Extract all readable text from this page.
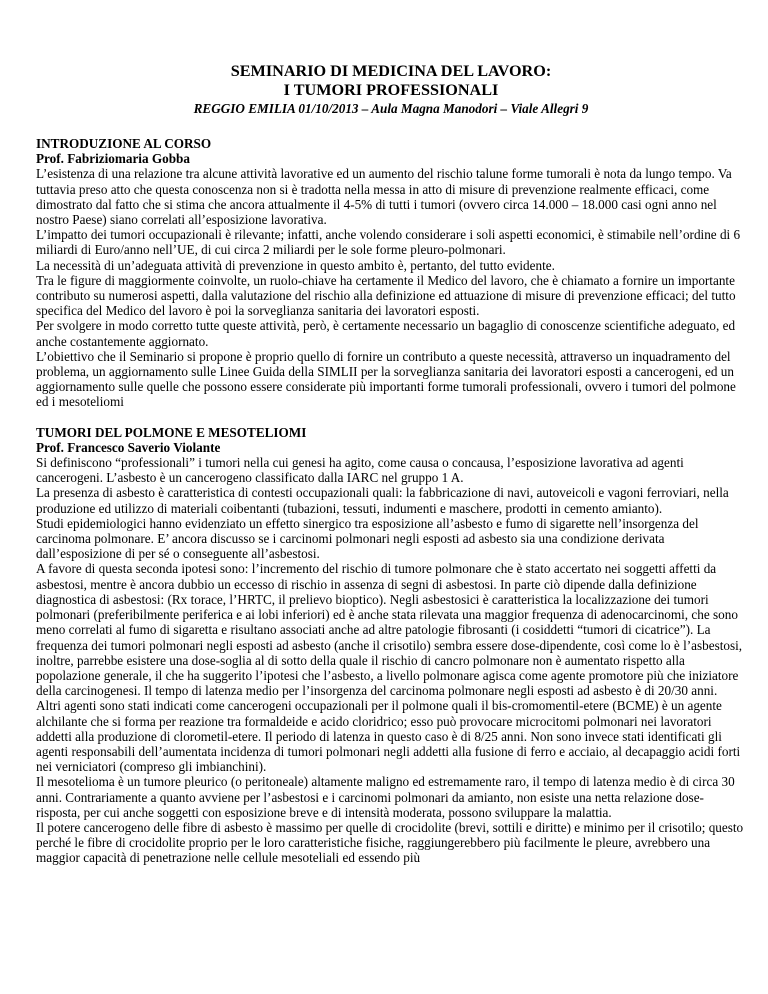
SEMINARIO DI MEDICINA DEL LAVORO:

I TUMORI PROFESSIONALI

REGGIO EMILIA 01/10/2013 – Aula Magna Manodori – Viale Allegri 9

INTRODUZIONE AL CORSO

Prof. Fabriziomaria Gobba

L’esistenza di una relazione tra alcune attività lavorative ed un aumento del rischio talune forme tumorali è nota da lungo tempo. Va tuttavia preso atto che questa conoscenza non si è tradotta nella messa in atto di misure di prevenzione realmente efficaci, come dimostrato dal fatto che si stima che ancora attualmente il 4-5% di tutti i tumori (ovvero circa 14.000 – 18.000 casi ogni anno nel nostro Paese) siano correlati all’esposizione lavorativa.

L’impatto dei tumori occupazionali è rilevante; infatti, anche volendo considerare i soli aspetti economici, è stimabile nell’ordine di 6 miliardi di Euro/anno nell’UE, di cui circa 2 miliardi per le sole forme pleuro-polmonari.

La necessità di un’adeguata attività di prevenzione in questo ambito è, pertanto, del tutto evidente.

Tra le figure di maggiormente coinvolte, un ruolo-chiave ha certamente il Medico del lavoro, che è chiamato a fornire un importante contributo su numerosi aspetti, dalla valutazione del rischio alla definizione ed attuazione di misure di prevenzione efficaci; del tutto specifica del Medico del lavoro è poi la sorveglianza sanitaria dei lavoratori esposti.

Per svolgere in modo corretto tutte queste attività, però, è certamente necessario un bagaglio di conoscenze scientifiche adeguato, ed anche costantemente aggiornato.

L’obiettivo che il Seminario si propone è proprio quello di fornire un contributo a queste necessità, attraverso un inquadramento del problema, un aggiornamento sulle Linee Guida della SIMLII per la sorveglianza sanitaria dei lavoratori esposti a cancerogeni, ed un aggiornamento sulle quelle che possono essere considerate più importanti forme tumorali professionali, ovvero i tumori del polmone ed i mesoteliomi

TUMORI DEL POLMONE E MESOTELIOMI

Prof. Francesco Saverio Violante

Si definiscono “professionali” i tumori nella cui genesi ha agito, come causa o concausa, l’esposizione lavorativa ad agenti cancerogeni. L’asbesto è un cancerogeno classificato dalla IARC nel gruppo 1 A.

La presenza di asbesto è caratteristica di contesti occupazionali quali: la fabbricazione di navi, autoveicoli e vagoni ferroviari, nella produzione ed utilizzo di materiali coibentanti (tubazioni, tessuti, indumenti e maschere, prodotti in cemento amianto).

Studi epidemiologici hanno evidenziato un effetto sinergico tra esposizione all’asbesto e fumo di sigarette nell’insorgenza del carcinoma polmonare. E’ ancora discusso se i carcinomi polmonari negli esposti ad asbesto sia una condizione derivata dall’esposizione di per sé o conseguente all’asbestosi.

A favore di questa seconda ipotesi sono: l’incremento del rischio di tumore polmonare che è stato accertato nei soggetti affetti da asbestosi, mentre è ancora dubbio un eccesso di rischio in assenza di segni di asbestosi. In parte ciò dipende dalla definizione diagnostica di asbestosi: (Rx torace, l’HRTC, il prelievo bioptico). Negli asbestosici è caratteristica la localizzazione dei tumori polmonari (preferibilmente periferica e ai lobi inferiori) ed è anche stata rilevata una maggior frequenza di adenocarcinomi, che sono meno correlati al fumo di sigaretta e risultano associati anche ad altre patologie fibrosanti (i cosiddetti “tumori di cicatrice”). La frequenza dei tumori polmonari negli esposti ad asbesto (anche il crisotilo) sembra essere dose-dipendente, così come lo è l’asbestosi, inoltre, parrebbe esistere una dose-soglia al di sotto della quale il rischio di cancro polmonare non è aumentato rispetto alla popolazione generale, il che ha suggerito l’ipotesi che l’asbesto, a livello polmonare agisca come agente promotore più che iniziatore della carcinogenesi. Il tempo di latenza medio per l’insorgenza del carcinoma polmonare negli esposti ad asbesto è di 20/30 anni.

Altri agenti sono stati indicati come cancerogeni occupazionali per il polmone quali il bis-cromomentil-etere (BCME) è un agente alchilante che si forma per reazione tra formaldeide e acido cloridrico; esso può provocare microcitomi polmonari nei lavoratori addetti alla produzione di clorometil-etere. Il periodo di latenza in questo caso è di 8/25 anni. Non sono invece stati identificati gli agenti responsabili dell’aumentata incidenza di tumori polmonari negli addetti alla fusione di ferro e acciaio, al decapaggio acidi forti nei verniciatori (compreso gli imbianchini).

Il mesotelioma è un tumore pleurico (o peritoneale) altamente maligno ed estremamente raro, il tempo di latenza medio è di circa 30 anni. Contrariamente a quanto avviene per l’asbestosi e i carcinomi polmonari da amianto, non esiste una netta relazione dose-risposta, per cui anche soggetti con esposizione breve e di intensità moderata, possono sviluppare la malattia.

Il potere cancerogeno delle fibre di asbesto è massimo per quelle di crocidolite (brevi, sottili e diritte) e minimo per il crisotilo; questo perché le fibre di crocidolite proprio per le loro caratteristiche fisiche, raggiungerebbero più facilmente le pleure, avrebbero una maggior capacità di penetrazione nelle cellule mesoteliali ed essendo più
